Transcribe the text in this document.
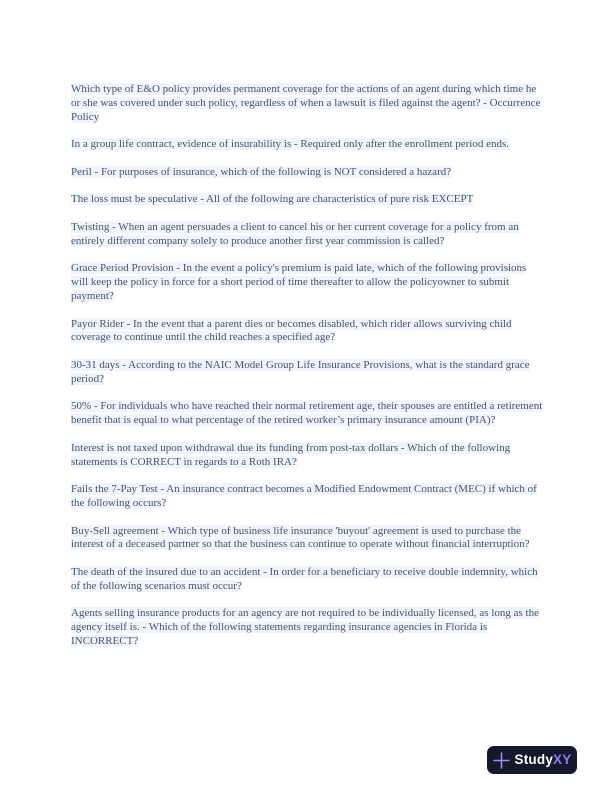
Which type of E&O policy provides permanent coverage for the actions of an agent during which time he or she was covered under such policy, regardless of when a lawsuit is filed against the agent? - Occurrence Policy

In a group life contract, evidence of insurability is - Required only after the enrollment period ends.

Peril - For purposes of insurance, which of the following is NOT considered a hazard?

The loss must be speculative - All of the following are characteristics of pure risk EXCEPT

Twisting - When an agent persuades a client to cancel his or her current coverage for a policy from an entirely different company solely to produce another first year commission is called?

Grace Period Provision - In the event a policy's premium is paid late, which of the following provisions will keep the policy in force for a short period of time thereafter to allow the policyowner to submit payment?

Payor Rider - In the event that a parent dies or becomes disabled, which rider allows surviving child coverage to continue until the child reaches a specified age?

30-31 days - According to the NAIC Model Group Life Insurance Provisions, what is the standard grace period?

50% - For individuals who have reached their normal retirement age, their spouses are entitled a retirement benefit that is equal to what percentage of the retired worker’s primary insurance amount (PIA)?

Interest is not taxed upon withdrawal due its funding from post-tax dollars - Which of the following statements is CORRECT in regards to a Roth IRA?

Fails the 7-Pay Test - An insurance contract becomes a Modified Endowment Contract (MEC) if which of the following occurs?

Buy-Sell agreement - Which type of business life insurance 'buyout' agreement is used to purchase the interest of a deceased partner so that the business can continue to operate without financial interruption?

The death of the insured due to an accident - In order for a beneficiary to receive double indemnity, which of the following scenarios must occur?

Agents selling insurance products for an agency are not required to be individually licensed, as long as the agency itself is. - Which of the following statements regarding insurance agencies in Florida is INCORRECT?

StudyXY
